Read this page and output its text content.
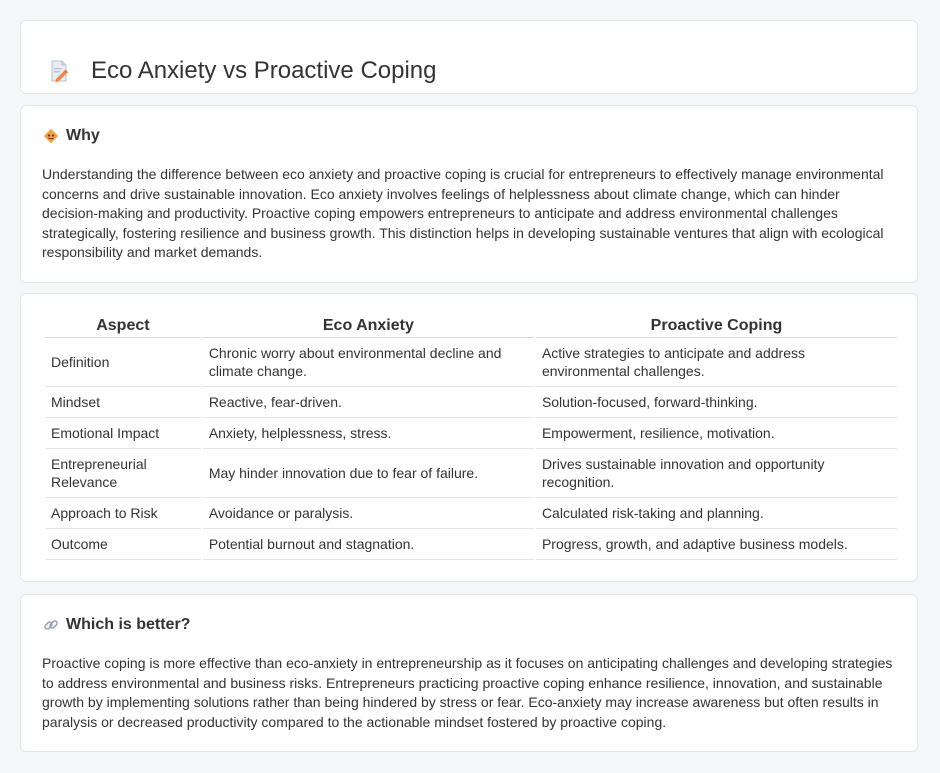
Eco Anxiety vs Proactive Coping
Why

Understanding the difference between eco anxiety and proactive coping is crucial for entrepreneurs to effectively manage environmental concerns and drive sustainable innovation. Eco anxiety involves feelings of helplessness about climate change, which can hinder decision-making and productivity. Proactive coping empowers entrepreneurs to anticipate and address environmental challenges strategically, fostering resilience and business growth. This distinction helps in developing sustainable ventures that align with ecological responsibility and market demands.

Aspect	Eco Anxiety	Proactive Coping
Definition	Chronic worry about environmental decline and climate change.	Active strategies to anticipate and address environmental challenges.
Mindset	Reactive, fear-driven.	Solution-focused, forward-thinking.
Emotional Impact	Anxiety, helplessness, stress.	Empowerment, resilience, motivation.
Entrepreneurial Relevance	May hinder innovation due to fear of failure.	Drives sustainable innovation and opportunity recognition.
Approach to Risk	Avoidance or paralysis.	Calculated risk-taking and planning.
Outcome	Potential burnout and stagnation.	Progress, growth, and adaptive business models.
Which is better?

Proactive coping is more effective than eco-anxiety in entrepreneurship as it focuses on anticipating challenges and developing strategies to address environmental and business risks. Entrepreneurs practicing proactive coping enhance resilience, innovation, and sustainable growth by implementing solutions rather than being hindered by stress or fear. Eco-anxiety may increase awareness but often results in paralysis or decreased productivity compared to the actionable mindset fostered by proactive coping.
